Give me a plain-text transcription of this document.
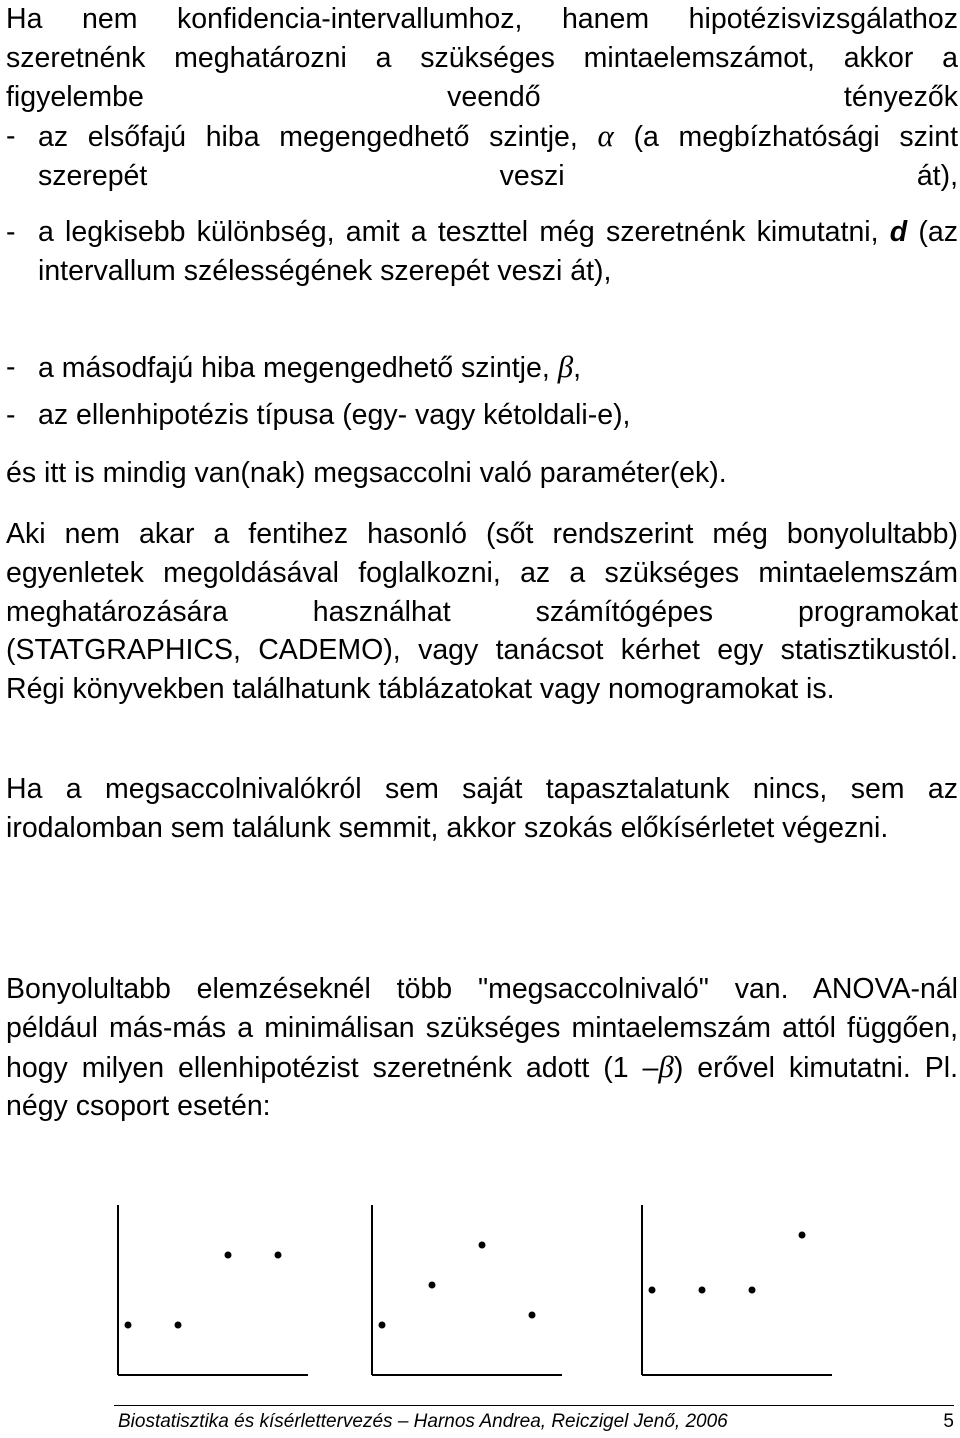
Ha nem konfidencia-intervallumhoz, hanem hipotézisvizsgálathoz szeretnénk meghatározni a szükséges mintaelemszámot, akkor a figyelembe veendő tényezők

- az elsőfajú hiba megengedhető szintje, α (a megbízhatósági szint szerepét veszi át),

- a legkisebb különbség, amit a teszttel még szeretnénk kimutatni, d (az intervallum szélességének szerepét veszi át),

- a másodfajú hiba megengedhető szintje, β,

- az ellenhipotézis típusa (egy- vagy kétoldali-e),

és itt is mindig van(nak) megsaccolni való paraméter(ek).

Aki nem akar a fentihez hasonló (sőt rendszerint még bonyolultabb) egyenletek megoldásával foglalkozni, az a szükséges mintaelemszám meghatározására használhat számítógépes programokat (STATGRAPHICS, CADEMO), vagy tanácsot kérhet egy statisztikustól. Régi könyvekben találhatunk táblázatokat vagy nomogramokat is.

Ha a megsaccolnivalókról sem saját tapasztalatunk nincs, sem az irodalomban sem találunk semmit, akkor szokás előkísérletet végezni.

Bonyolultabb elemzéseknél több "megsaccolnivaló" van. ANOVA-nál például más-más a minimálisan szükséges mintaelemszám attól függően, hogy milyen ellenhipotézist szeretnénk adott (1 –β) erővel kimutatni. Pl. négy csoport esetén:

Biostatisztika és kísérlettervezés – Harnos Andrea, Reiczigel Jenő, 2006	5
